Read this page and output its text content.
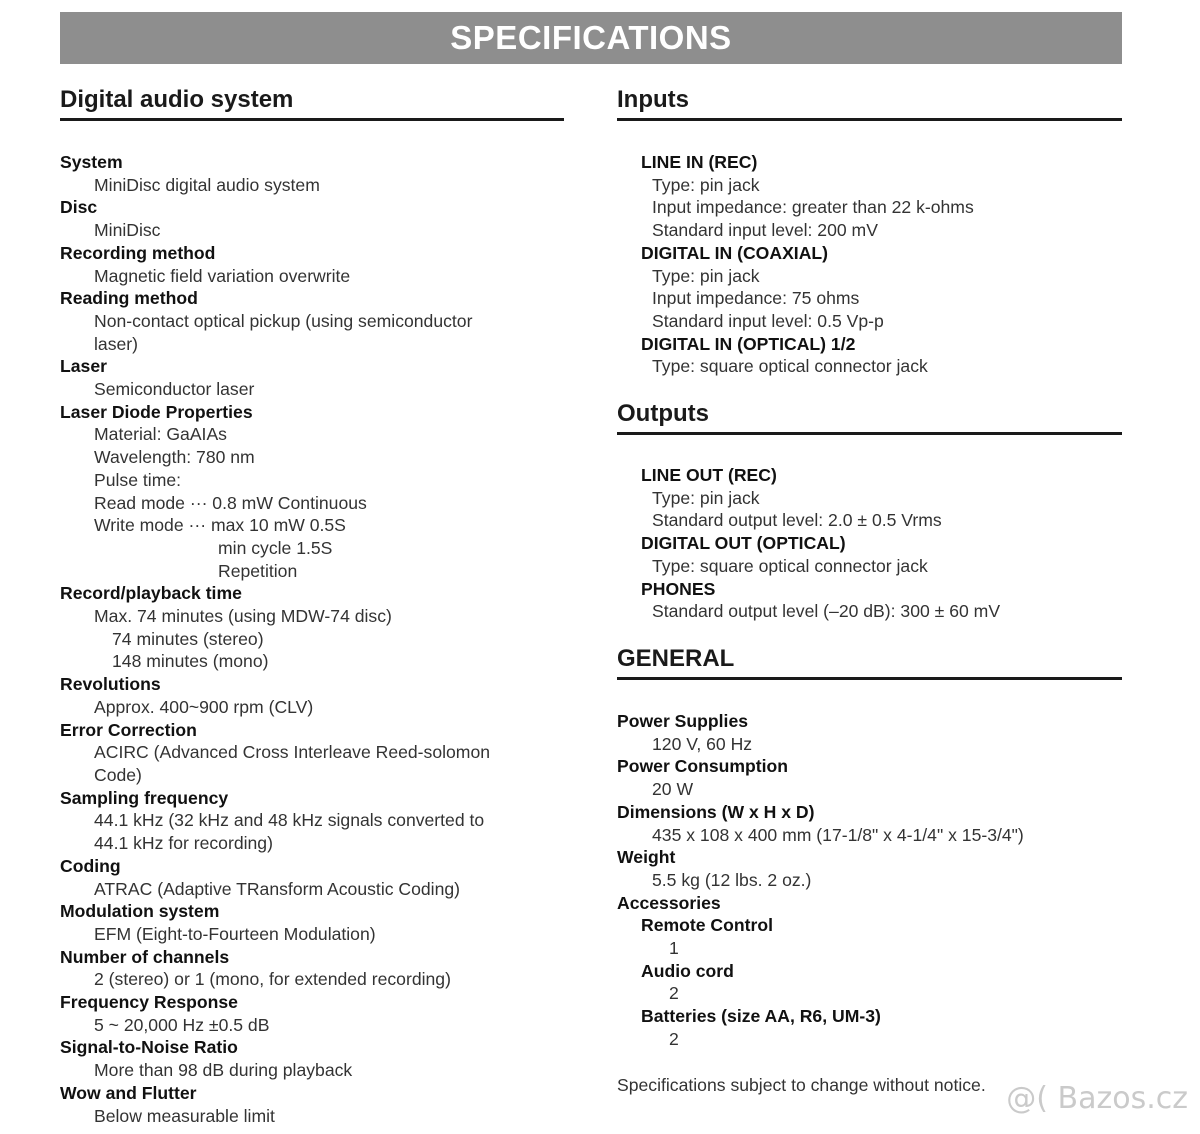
SPECIFICATIONS
Digital audio system
System
MiniDisc digital audio system
Disc
MiniDisc
Recording method
Magnetic field variation overwrite
Reading method
Non-contact optical pickup (using semiconductor
laser)
Laser
Semiconductor laser
Laser Diode Properties
Material: GaAIAs
Wavelength: 780 nm
Pulse time:
Read mode ··· 0.8 mW Continuous
Write mode ··· max 10 mW 0.5S
min cycle 1.5S
Repetition
Record/playback time
Max. 74 minutes (using MDW-74 disc)
74 minutes (stereo)
148 minutes (mono)
Revolutions
Approx. 400~900 rpm (CLV)
Error Correction
ACIRC (Advanced Cross Interleave Reed-solomon
Code)
Sampling frequency
44.1 kHz (32 kHz and 48 kHz signals converted to
44.1 kHz for recording)
Coding
ATRAC (Adaptive TRansform Acoustic Coding)
Modulation system
EFM (Eight-to-Fourteen Modulation)
Number of channels
2 (stereo) or 1 (mono, for extended recording)
Frequency Response
5 ~ 20,000 Hz ±0.5 dB
Signal-to-Noise Ratio
More than 98 dB during playback
Wow and Flutter
Below measurable limit
Inputs
LINE IN (REC)
Type: pin jack
Input impedance: greater than 22 k-ohms
Standard input level: 200 mV
DIGITAL IN (COAXIAL)
Type: pin jack
Input impedance: 75 ohms
Standard input level: 0.5 Vp-p
DIGITAL IN (OPTICAL) 1/2
Type: square optical connector jack
Outputs
LINE OUT (REC)
Type: pin jack
Standard output level: 2.0 ± 0.5 Vrms
DIGITAL OUT (OPTICAL)
Type: square optical connector jack
PHONES
Standard output level (–20 dB): 300 ± 60 mV
GENERAL
Power Supplies
120 V, 60 Hz
Power Consumption
20 W
Dimensions (W x H x D)
435 x 108 x 400 mm (17-1/8" x 4-1/4" x 15-3/4")
Weight
5.5 kg (12 lbs. 2 oz.)
Accessories
Remote Control
1
Audio cord
2
Batteries (size AA, R6, UM-3)
2
Specifications subject to change without notice. @( Bazos.cz
